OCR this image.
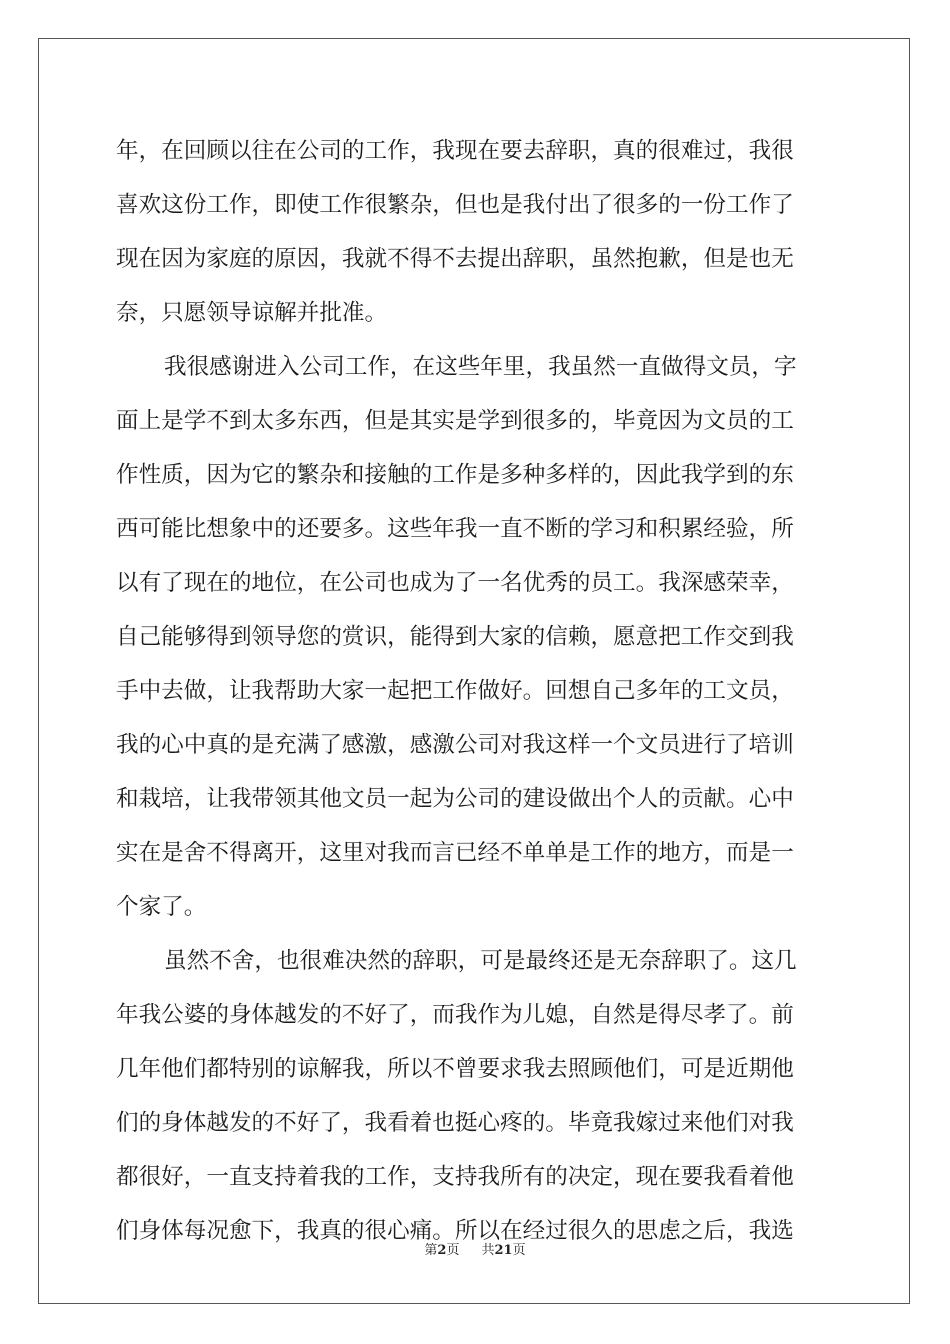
年，在回顾以往在公司的工作，我现在要去辞职，真的很难过，我很
喜欢这份工作，即使工作很繁杂，但也是我付出了很多的一份工作了
现在因为家庭的原因，我就不得不去提出辞职，虽然抱歉，但是也无
奈，只愿领导谅解并批准。
我很感谢进入公司工作，在这些年里，我虽然一直做得文员，字
面上是学不到太多东西，但是其实是学到很多的，毕竟因为文员的工
作性质，因为它的繁杂和接触的工作是多种多样的，因此我学到的东
西可能比想象中的还要多。这些年我一直不断的学习和积累经验，所
以有了现在的地位，在公司也成为了一名优秀的员工。我深感荣幸，
自己能够得到领导您的赏识，能得到大家的信赖，愿意把工作交到我
手中去做，让我帮助大家一起把工作做好。回想自己多年的工文员，
我的心中真的是充满了感激，感激公司对我这样一个文员进行了培训
和栽培，让我带领其他文员一起为公司的建设做出个人的贡献。心中
实在是舍不得离开，这里对我而言已经不单单是工作的地方，而是一
个家了。
虽然不舍，也很难决然的辞职，可是最终还是无奈辞职了。这几
年我公婆的身体越发的不好了，而我作为儿媳，自然是得尽孝了。前
几年他们都特别的谅解我，所以不曾要求我去照顾他们，可是近期他
们的身体越发的不好了，我看着也挺心疼的。毕竟我嫁过来他们对我
都很好，一直支持着我的工作，支持我所有的决定，现在要我看着他
们身体每况愈下，我真的很心痛。所以在经过很久的思虑之后，我选
第2页 共21页
